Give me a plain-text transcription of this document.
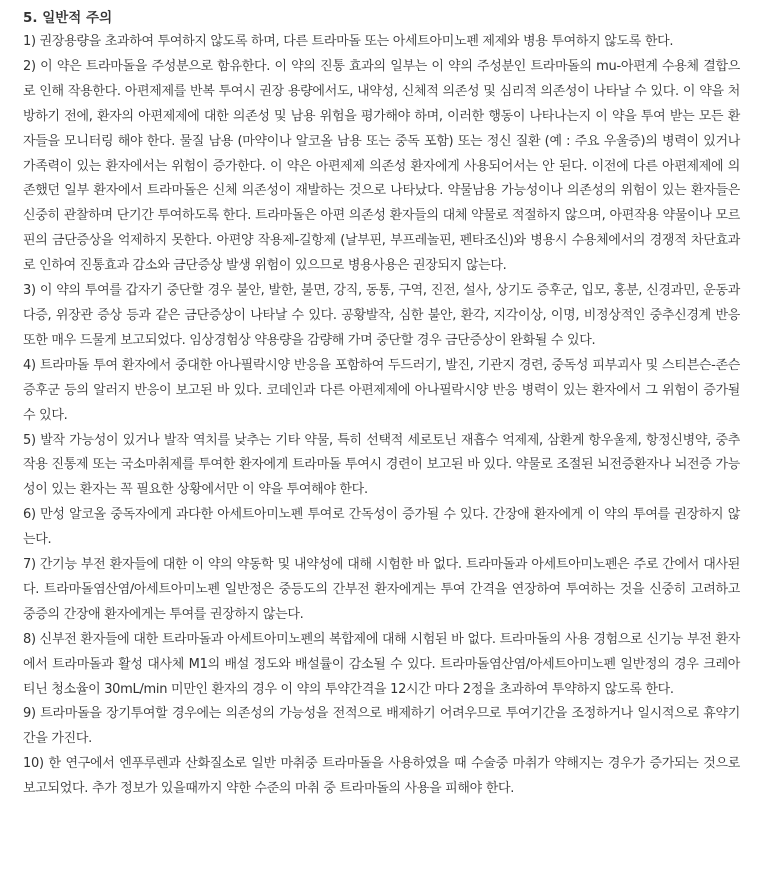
5. 일반적 주의

1) 권장용량을 초과하여 투여하지 않도록 하며, 다른 트라마돌 또는 아세트아미노펜 제제와 병용 투여하지 않도록 한다.

2) 이 약은 트라마돌을 주성분으로 함유한다. 이 약의 진통 효과의 일부는 이 약의 주성분인 트라마돌의 mu-아편계 수용체 결합으로 인해 작용한다. 아편제제를 반복 투여시 권장 용량에서도, 내약성, 신체적 의존성 및 심리적 의존성이 나타날 수 있다. 이 약을 처방하기 전에, 환자의 아편제제에 대한 의존성 및 남용 위험을 평가해야 하며, 이러한 행동이 나타나는지 이 약을 투여 받는 모든 환자들을 모니터링 해야 한다. 물질 남용 (마약이나 알코올 남용 또는 중독 포함) 또는 정신 질환 (예 : 주요 우울증)의 병력이 있거나 가족력이 있는 환자에서는 위험이 증가한다. 이 약은 아편제제 의존성 환자에게 사용되어서는 안 된다. 이전에 다른 아편제제에 의존했던 일부 환자에서 트라마돌은 신체 의존성이 재발하는 것으로 나타났다. 약물남용 가능성이나 의존성의 위험이 있는 환자들은 신중히 관찰하며 단기간 투여하도록 한다. 트라마돌은 아편 의존성 환자들의 대체 약물로 적절하지 않으며, 아편작용 약물이나 모르핀의 금단증상을 억제하지 못한다. 아편양 작용제-길항제 (날부핀, 부프레놀핀, 펜타조신)와 병용시 수용체에서의 경쟁적 차단효과로 인하여 진통효과 감소와 금단증상 발생 위험이 있으므로 병용사용은 권장되지 않는다.

3) 이 약의 투여를 갑자기 중단할 경우 불안, 발한, 불면, 강직, 동통, 구역, 진전, 설사, 상기도 증후군, 입모, 홍분, 신경과민, 운동과다증, 위장관 증상 등과 같은 금단증상이 나타날 수 있다. 공황발작, 심한 불안, 환각, 지각이상, 이명, 비정상적인 중추신경계 반응 또한 매우 드물게 보고되었다. 임상경험상 약용량을 감량해 가며 중단할 경우 금단증상이 완화될 수 있다.

4) 트라마돌 투여 환자에서 중대한 아나필락시양 반응을 포함하여 두드러기, 발진, 기관지 경련, 중독성 피부괴사 및 스티븐슨-존슨 증후군 등의 알러지 반응이 보고된 바 있다. 코데인과 다른 아편제제에 아나필락시양 반응 병력이 있는 환자에서 그 위험이 증가될 수 있다.

5) 발작 가능성이 있거나 발작 역치를 낮추는 기타 약물, 특히 선택적 세로토닌 재흡수 억제제, 삼환계 항우울제, 항정신병약, 중추작용 진통제 또는 국소마취제를 투여한 환자에게 트라마돌 투여시 경련이 보고된 바 있다. 약물로 조절된 뇌전증환자나 뇌전증 가능성이 있는 환자는 꼭 필요한 상황에서만 이 약을 투여해야 한다.

6) 만성 알코올 중독자에게 과다한 아세트아미노펜 투여로 간독성이 증가될 수 있다. 간장애 환자에게 이 약의 투여를 권장하지 않는다.

7) 간기능 부전 환자들에 대한 이 약의 약동학 및 내약성에 대해 시험한 바 없다. 트라마돌과 아세트아미노펜은 주로 간에서 대사된다. 트라마돌염산염/아세트아미노펜 일반정은 중등도의 간부전 환자에게는 투여 간격을 연장하여 투여하는 것을 신중히 고려하고 중증의 간장애 환자에게는 투여를 권장하지 않는다.

8) 신부전 환자들에 대한 트라마돌과 아세트아미노펜의 복합제에 대해 시험된 바 없다. 트라마돌의 사용 경험으로 신기능 부전 환자에서 트라마돌과 활성 대사체 M1의 배설 정도와 배설률이 감소될 수 있다. 트라마돌염산염/아세트아미노펜 일반정의 경우 크레아티닌 청소율이 30mL/min 미만인 환자의 경우 이 약의 투약간격을 12시간 마다 2정을 초과하여 투약하지 않도록 한다.

9) 트라마돌을 장기투여할 경우에는 의존성의 가능성을 전적으로 배제하기 어려우므로 투여기간을 조정하거나 일시적으로 휴약기간을 가진다.

10) 한 연구에서 엔푸루렌과 산화질소로 일반 마취중 트라마돌을 사용하였을 때 수술중 마취가 약해지는 경우가 증가되는 것으로 보고되었다. 추가 정보가 있을때까지 약한 수준의 마취 중 트라마돌의 사용을 피해야 한다.
